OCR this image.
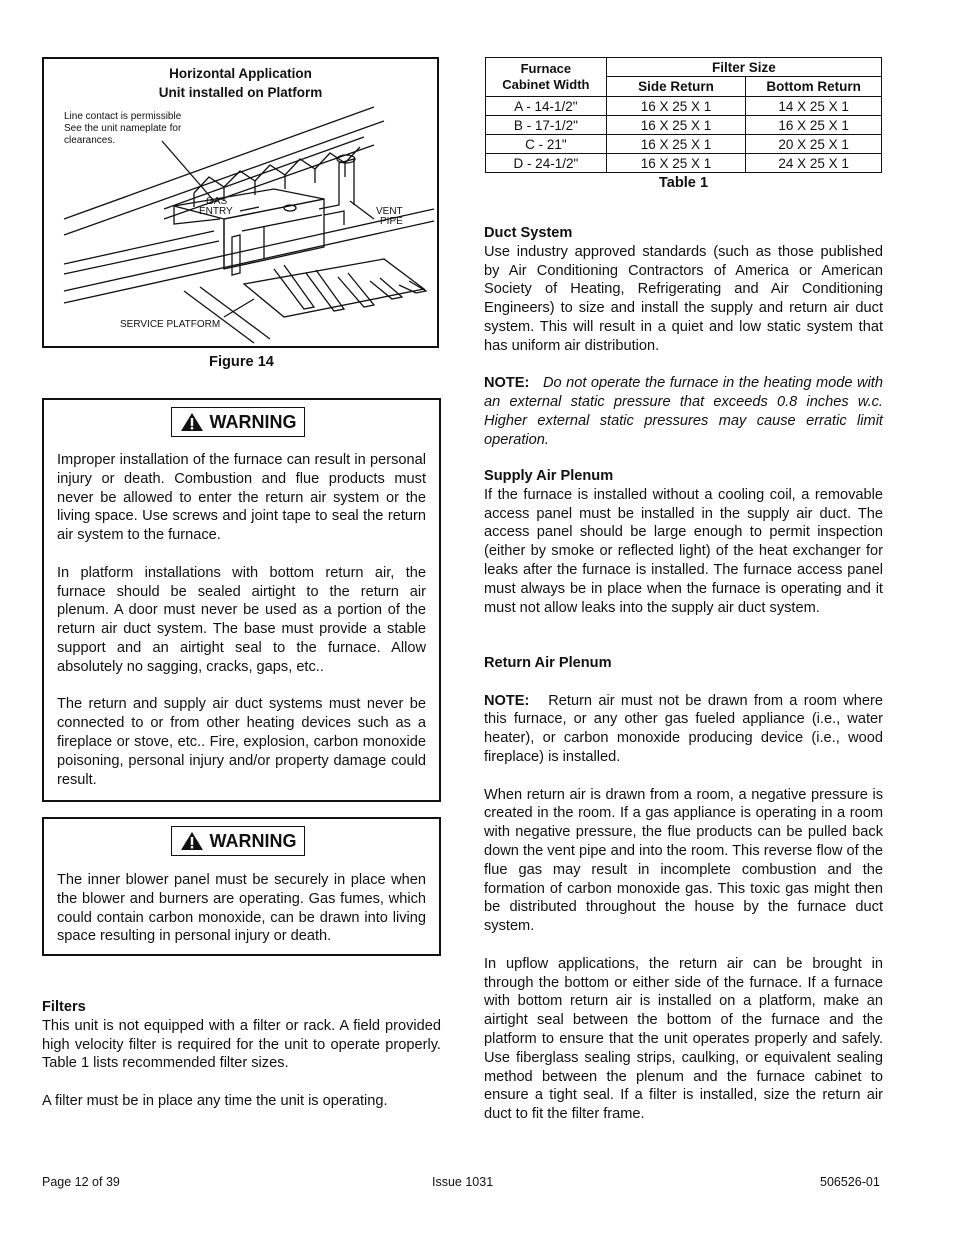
Horizontal Application
Unit installed on Platform
Line contact is permissible
See the unit nameplate for
clearances.
GAS
ENTRY	VENT
PIPE
SERVICE PLATFORM
Figure 14
WARNING

Improper installation of the furnace can result in personal injury or death. Combustion and flue products must never be allowed to enter the return air system or the living space. Use screws and joint tape to seal the return air system to the furnace.

In platform installations with bottom return air, the furnace should be sealed airtight to the return air plenum. A door must never be used as a portion of the return air duct system. The base must provide a stable support and an airtight seal to the furnace. Allow absolutely no sagging, cracks, gaps, etc..

The return and supply air duct systems must never be connected to or from other heating devices such as a fireplace or stove, etc.. Fire, explosion, carbon monoxide poisoning, personal injury and/or property damage could result.

WARNING

The inner blower panel must be securely in place when the blower and burners are operating. Gas fumes, which could contain carbon monoxide, can be drawn into living space resulting in personal injury or death.

Filters

This unit is not equipped with a filter or rack. A field provided high velocity filter is required for the unit to operate properly. Table 1 lists recommended filter sizes.

A filter must be in place any time the unit is operating.

Furnace
Cabinet Width	Filter Size	
	Side Return	Bottom Return
A - 14-1/2"	16 X 25 X 1	14 X 25 X 1
B - 17-1/2"	16 X 25 X 1	16 X 25 X 1
C - 21"	16 X 25 X 1	20 X 25 X 1
D - 24-1/2"	16 X 25 X 1	24 X 25 X 1
Table 1

Duct System

Use industry approved standards (such as those published by Air Conditioning Contractors of America or American Society of Heating, Refrigerating and Air Conditioning Engineers) to size and install the supply and return air duct system. This will result in a quiet and low static system that has uniform air distribution.

NOTE: Do not operate the furnace in the heating mode with an external static pressure that exceeds 0.8 inches w.c. Higher external static pressures may cause erratic limit operation.

Supply Air Plenum

If the furnace is installed without a cooling coil, a removable access panel must be installed in the supply air duct. The access panel should be large enough to permit inspection (either by smoke or reflected light) of the heat exchanger for leaks after the furnace is installed. The furnace access panel must always be in place when the furnace is operating and it must not allow leaks into the supply air duct system.

Return Air Plenum

NOTE: Return air must not be drawn from a room where this furnace, or any other gas fueled appliance (i.e., water heater), or carbon monoxide producing device (i.e., wood fireplace) is installed.

When return air is drawn from a room, a negative pressure is created in the room. If a gas appliance is operating in a room with negative pressure, the flue products can be pulled back down the vent pipe and into the room. This reverse flow of the flue gas may result in incomplete combustion and the formation of carbon monoxide gas. This toxic gas might then be distributed throughout the house by the furnace duct system.

In upflow applications, the return air can be brought in through the bottom or either side of the furnace. If a furnace with bottom return air is installed on a platform, make an airtight seal between the bottom of the furnace and the platform to ensure that the unit operates properly and safely. Use fiberglass sealing strips, caulking, or equivalent sealing method between the plenum and the furnace cabinet to ensure a tight seal. If a filter is installed, size the return air duct to fit the filter frame.

Page 12 of 39	Issue 1031	506526-01
